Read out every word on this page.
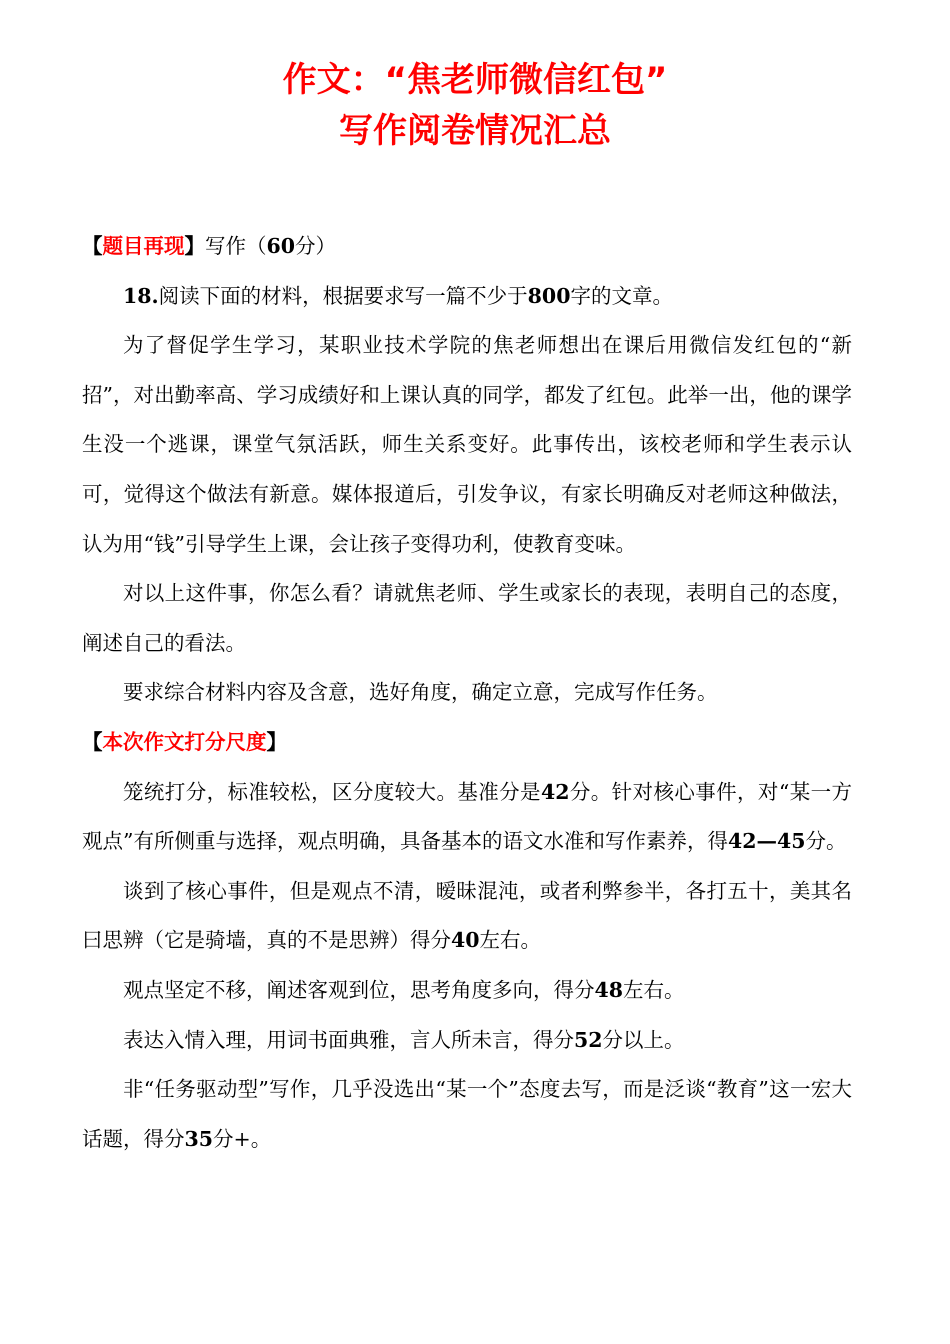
作文：“焦老师微信红包”
写作阅卷情况汇总

【题目再现】写作（60分）

18.阅读下面的材料，根据要求写一篇不少于800字的文章。

为了督促学生学习，某职业技术学院的焦老师想出在课后用微信发红包的“新招”，对出勤率高、学习成绩好和上课认真的同学，都发了红包。此举一出，他的课学生没一个逃课，课堂气氛活跃，师生关系变好。此事传出，该校老师和学生表示认可，觉得这个做法有新意。媒体报道后，引发争议，有家长明确反对老师这种做法，认为用“钱”引导学生上课，会让孩子变得功利，使教育变味。

对以上这件事，你怎么看？请就焦老师、学生或家长的表现，表明自己的态度，阐述自己的看法。

要求综合材料内容及含意，选好角度，确定立意，完成写作任务。

【本次作文打分尺度】

笼统打分，标准较松，区分度较大。基准分是42分。针对核心事件，对“某一方观点”有所侧重与选择，观点明确，具备基本的语文水准和写作素养，得42—45分。

谈到了核心事件，但是观点不清，暧昧混沌，或者利弊参半，各打五十，美其名曰思辨（它是骑墙，真的不是思辨）得分40左右。

观点坚定不移，阐述客观到位，思考角度多向，得分48左右。

表达入情入理，用词书面典雅，言人所未言，得分52分以上。

非“任务驱动型”写作，几乎没选出“某一个”态度去写，而是泛谈“教育”这一宏大话题，得分35分+。
